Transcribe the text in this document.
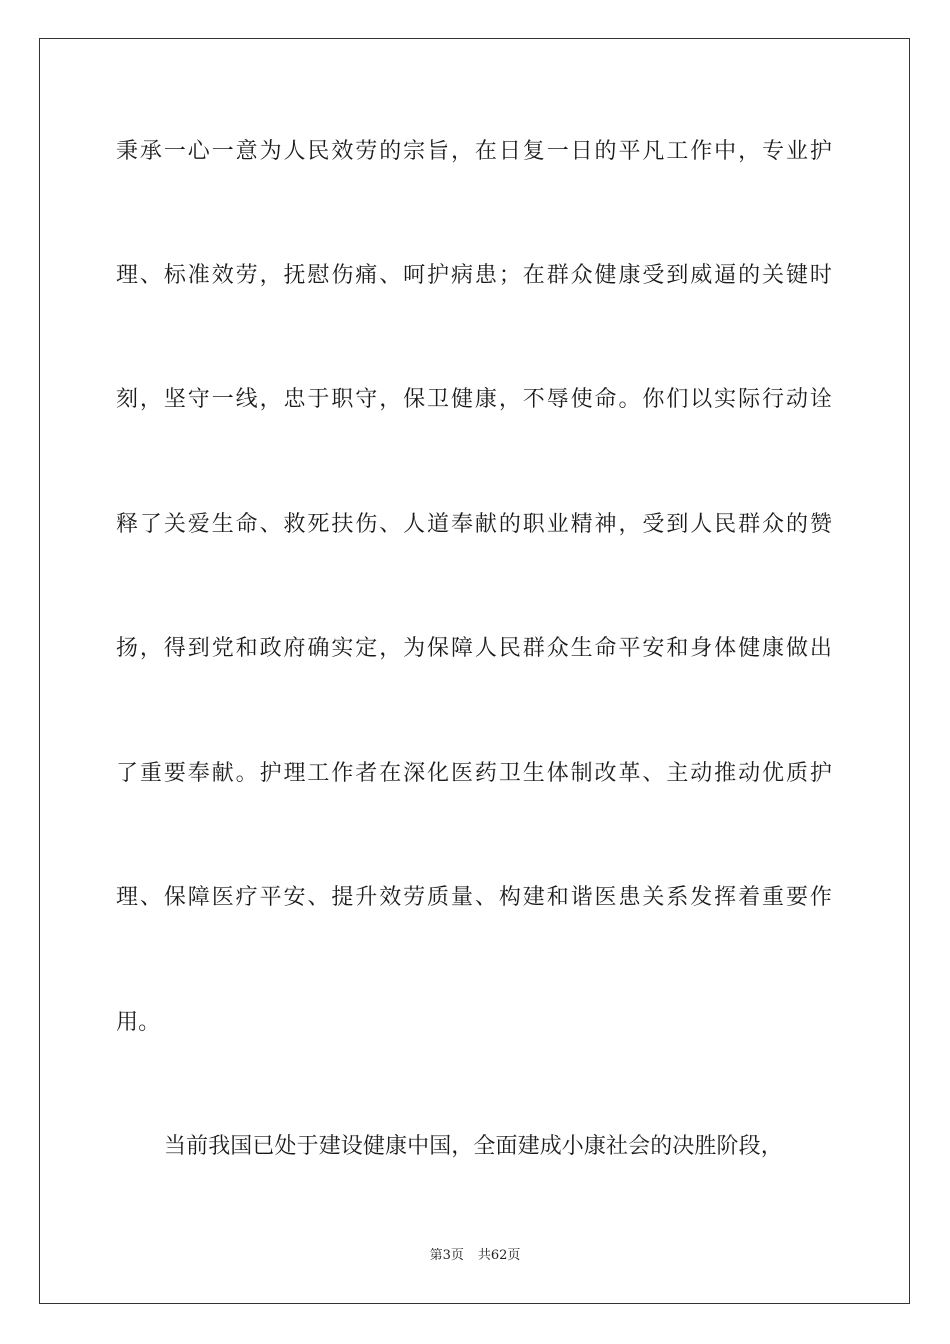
秉承一心一意为人民效劳的宗旨，在日复一日的平凡工作中，专业护
理、标准效劳，抚慰伤痛、呵护病患；在群众健康受到威逼的关键时
刻，坚守一线，忠于职守，保卫健康，不辱使命。你们以实际行动诠
释了关爱生命、救死扶伤、人道奉献的职业精神，受到人民群众的赞
扬，得到党和政府确实定，为保障人民群众生命平安和身体健康做出
了重要奉献。护理工作者在深化医药卫生体制改革、主动推动优质护
理、保障医疗平安、提升效劳质量、构建和谐医患关系发挥着重要作
用。
当前我国已处于建设健康中国，全面建成小康社会的决胜阶段，
第3页 共62页
